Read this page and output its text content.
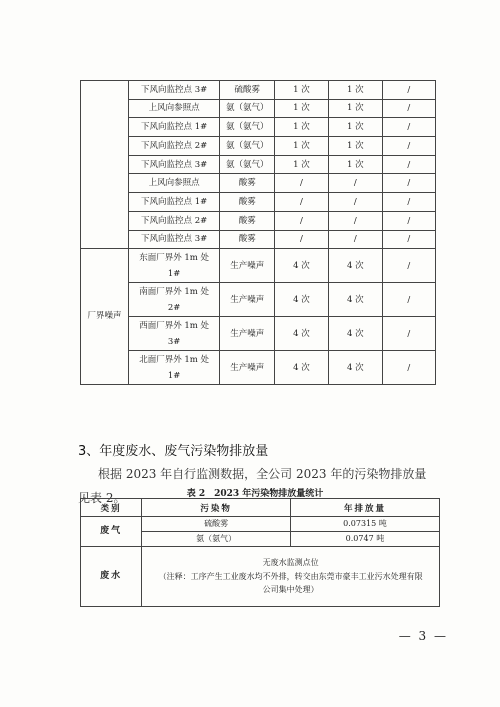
	下风向监控点 3#	硫酸雾	1 次	1 次	/
	上风向参照点	氨（氨气）	1 次	1 次	/
	下风向监控点 1#	氨（氨气）	1 次	1 次	/
	下风向监控点 2#	氨（氨气）	1 次	1 次	/
	下风向监控点 3#	氨（氨气）	1 次	1 次	/
	上风向参照点	酸雾	/	/	/
	下风向监控点 1#	酸雾	/	/	/
	下风向监控点 2#	酸雾	/	/	/
	下风向监控点 3#	酸雾	/	/	/
厂界噪声	东面厂界外 1m 处 1#	生产噪声	4 次	4 次	/
	南面厂界外 1m 处 2#	生产噪声	4 次	4 次	/
	西面厂界外 1m 处 3#	生产噪声	4 次	4 次	/
	北面厂界外 1m 处 1#	生产噪声	4 次	4 次	/
3、年度废水、废气污染物排放量
根据 2023 年自行监测数据，全公司 2023 年的污染物排放量
见表 2。	表 2　2023 年污染物排放量统计
类别	污染物	年排放量
废气	硫酸雾	0.07315 吨
	氨（氨气）	0.0747 吨
废水	无废水监测点位
（注释：工序产生工业废水均不外排，转交由东莞市豪丰工业污水处理有限
公司集中处理）	
— 3 —
